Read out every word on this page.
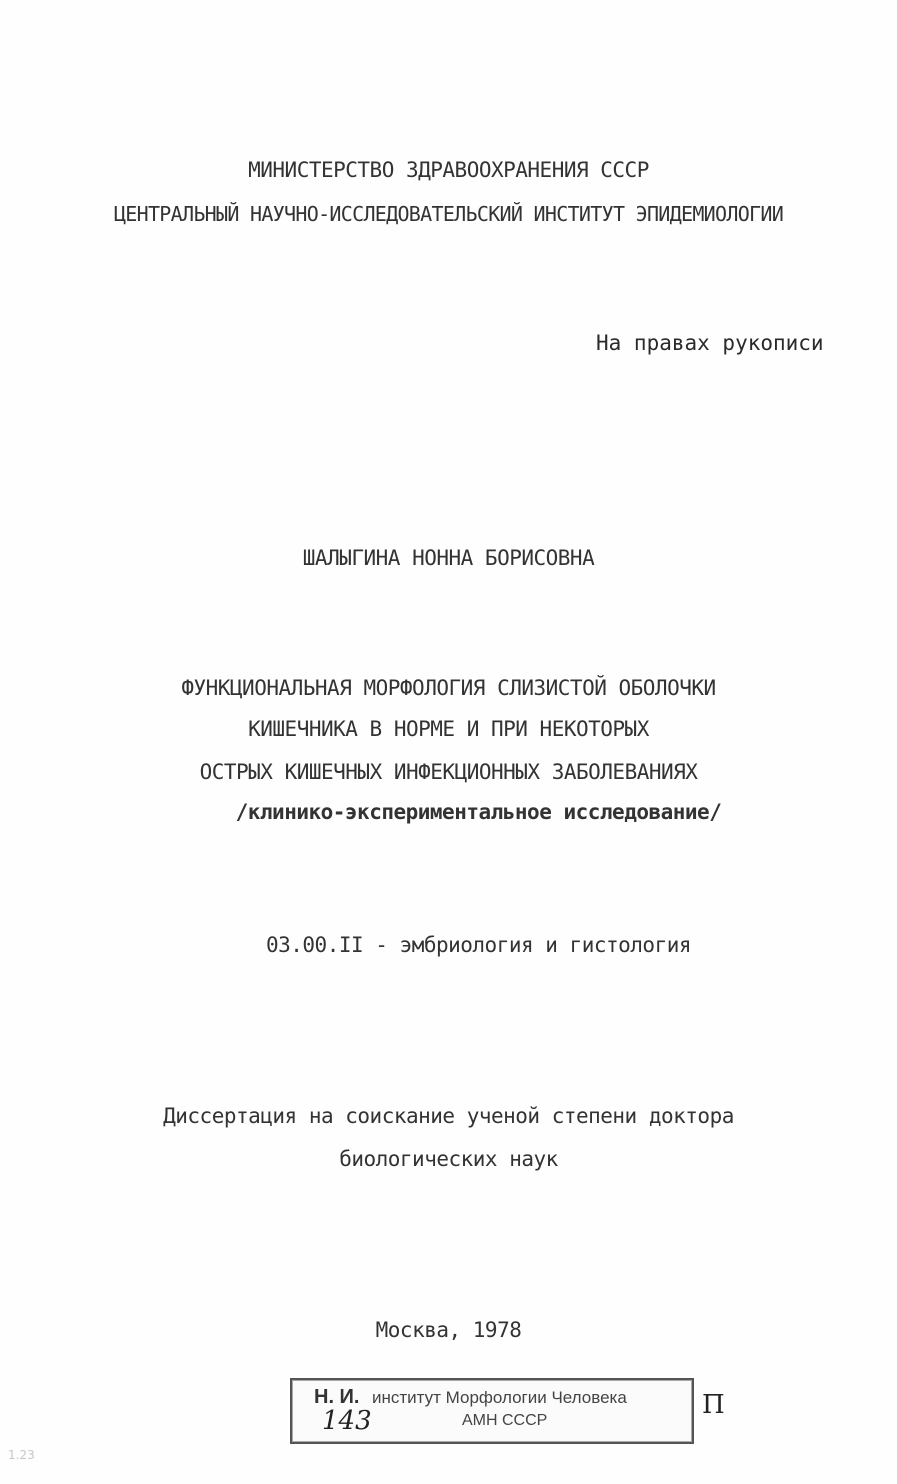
МИНИСТЕРСТВО ЗДРАВООХРАНЕНИЯ СССР
ЦЕНТРАЛЬНЫЙ НАУЧНО-ИССЛЕДОВАТЕЛЬСКИЙ ИНСТИТУТ ЭПИДЕМИОЛОГИИ
На правах рукописи
ШАЛЫГИНА НОННА БОРИСОВНА
ФУНКЦИОНАЛЬНАЯ МОРФОЛОГИЯ СЛИЗИСТОЙ ОБОЛОЧКИ
КИШЕЧНИКА В НОРМЕ И ПРИ НЕКОТОРЫХ
ОСТРЫХ КИШЕЧНЫХ ИНФЕКЦИОННЫХ ЗАБОЛЕВАНИЯХ
/клинико-экспериментальное исследование/
03.00.II - эмбриология и гистология
Диссертация на соискание ученой степени доктора
биологических наук
Москва, 1978
Н. И. институт Морфологии Человека
АМН СССР
143
П
1.23
